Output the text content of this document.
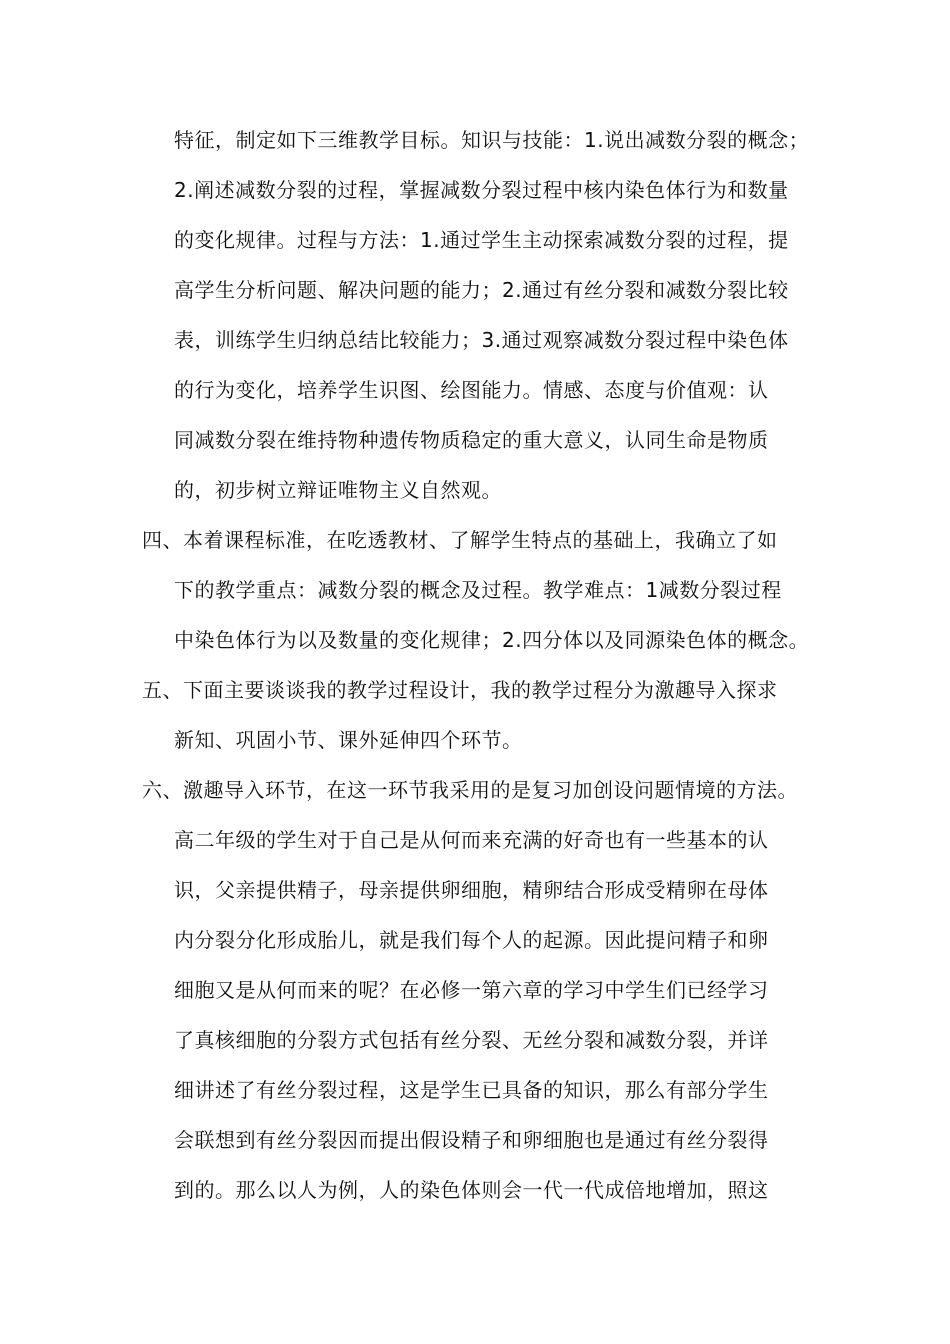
特征，制定如下三维教学目标。知识与技能：1.说出减数分裂的概念；
2.阐述减数分裂的过程，掌握减数分裂过程中核内染色体行为和数量
的变化规律。过程与方法：1.通过学生主动探索减数分裂的过程，提
高学生分析问题、解决问题的能力；2.通过有丝分裂和减数分裂比较
表，训练学生归纳总结比较能力；3.通过观察减数分裂过程中染色体
的行为变化，培养学生识图、绘图能力。情感、态度与价值观：认
同减数分裂在维持物种遗传物质稳定的重大意义，认同生命是物质
的，初步树立辩证唯物主义自然观。
四、本着课程标准，在吃透教材、了解学生特点的基础上，我确立了如
下的教学重点：减数分裂的概念及过程。教学难点：1减数分裂过程
中染色体行为以及数量的变化规律；2.四分体以及同源染色体的概念。
五、下面主要谈谈我的教学过程设计，我的教学过程分为激趣导入探求
新知、巩固小节、课外延伸四个环节。
六、激趣导入环节，在这一环节我采用的是复习加创设问题情境的方法。
高二年级的学生对于自己是从何而来充满的好奇也有一些基本的认
识，父亲提供精子，母亲提供卵细胞，精卵结合形成受精卵在母体
内分裂分化形成胎儿，就是我们每个人的起源。因此提问精子和卵
细胞又是从何而来的呢？在必修一第六章的学习中学生们已经学习
了真核细胞的分裂方式包括有丝分裂、无丝分裂和减数分裂，并详
细讲述了有丝分裂过程，这是学生已具备的知识，那么有部分学生
会联想到有丝分裂因而提出假设精子和卵细胞也是通过有丝分裂得
到的。那么以人为例，人的染色体则会一代一代成倍地增加，照这
